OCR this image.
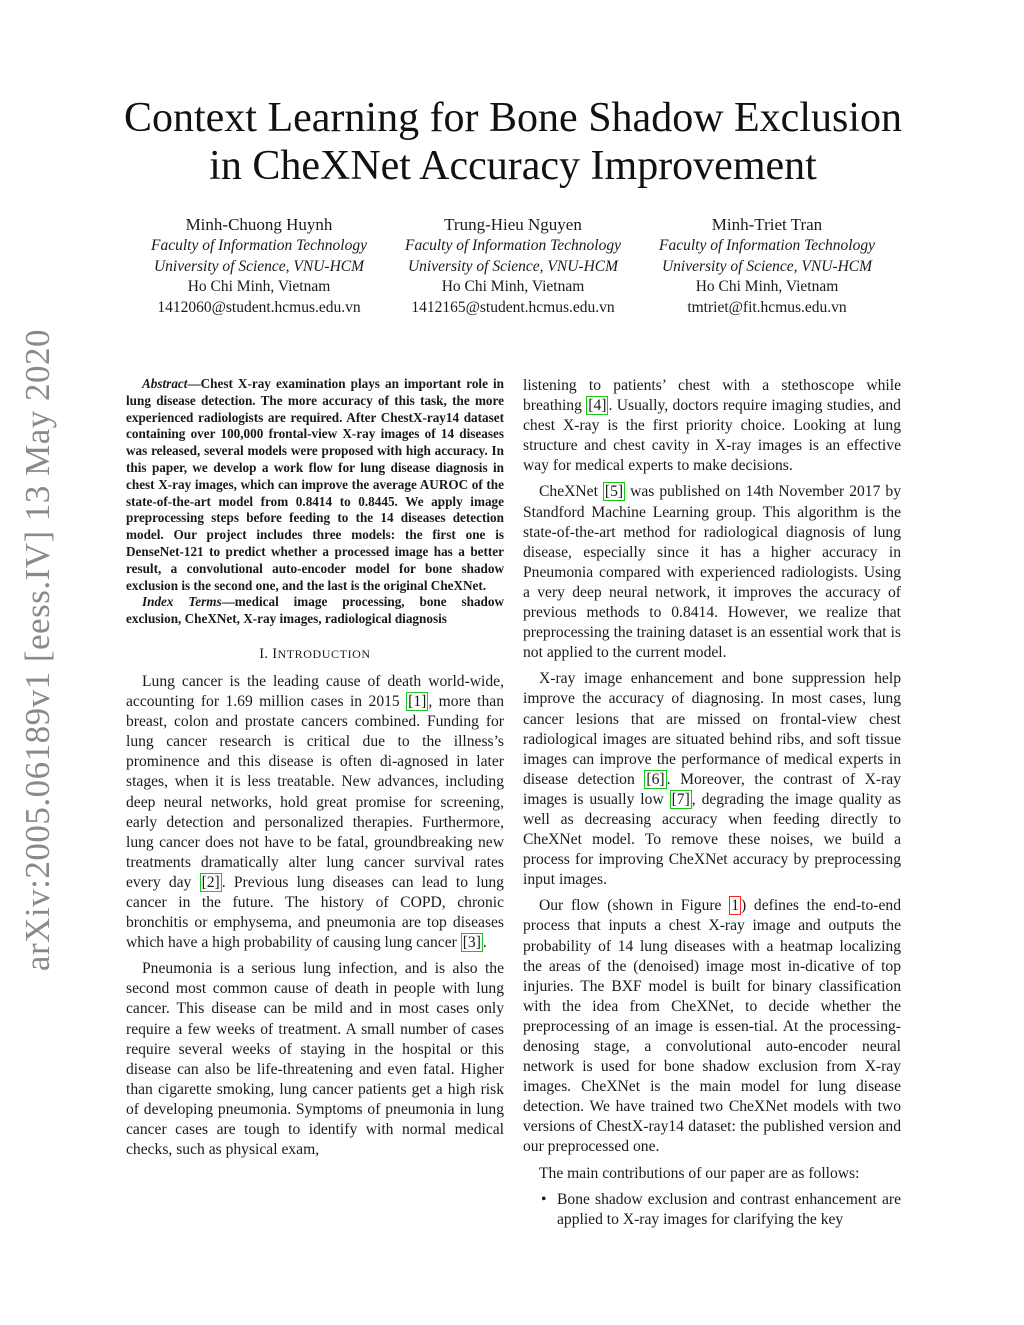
arXiv:2005.06189v1 [eess.IV] 13 May 2020
Context Learning for Bone Shadow Exclusion
in CheXNet Accuracy Improvement
Minh-Chuong Huynh
Faculty of Information Technology
University of Science, VNU-HCM
Ho Chi Minh, Vietnam
1412060@student.hcmus.edu.vn
Trung-Hieu Nguyen
Faculty of Information Technology
University of Science, VNU-HCM
Ho Chi Minh, Vietnam
1412165@student.hcmus.edu.vn
Minh-Triet Tran
Faculty of Information Technology
University of Science, VNU-HCM
Ho Chi Minh, Vietnam
tmtriet@fit.hcmus.edu.vn

Abstract—Chest X-ray examination plays an important role in lung disease detection. The more accuracy of this task, the more experienced radiologists are required. After ChestX-ray14 dataset containing over 100,000 frontal-view X-ray images of 14 diseases was released, several models were proposed with high accuracy. In this paper, we develop a work flow for lung disease diagnosis in chest X-ray images, which can improve the average AUROC of the state-of-the-art model from 0.8414 to 0.8445. We apply image preprocessing steps before feeding to the 14 diseases detection model. Our project includes three models: the first one is DenseNet-121 to predict whether a processed image has a better result, a convolutional auto-encoder model for bone shadow exclusion is the second one, and the last is the original CheXNet.

Index Terms—medical image processing, bone shadow exclusion, CheXNet, X-ray images, radiological diagnosis

I. INTRODUCTION

Lung cancer is the leading cause of death world-wide, accounting for 1.69 million cases in 2015 [1] , more than breast, colon and prostate cancers combined. Funding for lung cancer research is critical due to the illness’s prominence and this disease is often di-agnosed in later stages, when it is less treatable. New advances, including deep neural networks, hold great promise for screening, early detection and personalized therapies. Furthermore, lung cancer does not have to be fatal, groundbreaking new treatments dramatically alter lung cancer survival rates every day [2] . Previous lung diseases can lead to lung cancer in the future. The history of COPD, chronic bronchitis or emphysema, and pneumonia are top diseases which have a high probability of causing lung cancer [3] .

Pneumonia is a serious lung infection, and is also the second most common cause of death in people with lung cancer. This disease can be mild and in most cases only require a few weeks of treatment. A small number of cases require several weeks of staying in the hospital or this disease can also be life-threatening and even fatal. Higher than cigarette smoking, lung cancer patients get a high risk of developing pneumonia. Symptoms of pneumonia in lung cancer cases are tough to identify with normal medical checks, such as physical exam,

listening to patients’ chest with a stethoscope while breathing [4] . Usually, doctors require imaging studies, and chest X-ray is the first priority choice. Looking at lung structure and chest cavity in X-ray images is an effective way for medical experts to make decisions.

CheXNet [5] was published on 14th November 2017 by Standford Machine Learning group. This algorithm is the state-of-the-art method for radiological diagnosis of lung disease, especially since it has a higher accuracy in Pneumonia compared with experienced radiologists. Using a very deep neural network, it improves the accuracy of previous methods to 0.8414. However, we realize that preprocessing the training dataset is an essential work that is not applied to the current model.

X-ray image enhancement and bone suppression help improve the accuracy of diagnosing. In most cases, lung cancer lesions that are missed on frontal-view chest radiological images are situated behind ribs, and soft tissue images can improve the performance of medical experts in disease detection [6] . Moreover, the contrast of X-ray images is usually low [7] , degrading the image quality as well as decreasing accuracy when feeding directly to CheXNet model. To remove these noises, we build a process for improving CheXNet accuracy by preprocessing input images.

Our flow (shown in Figure 1 ) defines the end-to-end process that inputs a chest X-ray image and outputs the probability of 14 lung diseases with a heatmap localizing the areas of the (denoised) image most in-dicative of top injuries. The BXF model is built for binary classification with the idea from CheXNet, to decide whether the preprocessing of an image is essen-tial. At the processing-denosing stage, a convolutional auto-encoder neural network is used for bone shadow exclusion from X-ray images. CheXNet is the main model for lung disease detection. We have trained two CheXNet models with two versions of ChestX-ray14 dataset: the published version and our preprocessed one.

The main contributions of our paper are as follows:

• Bone shadow exclusion and contrast enhancement are applied to X-ray images for clarifying the key
